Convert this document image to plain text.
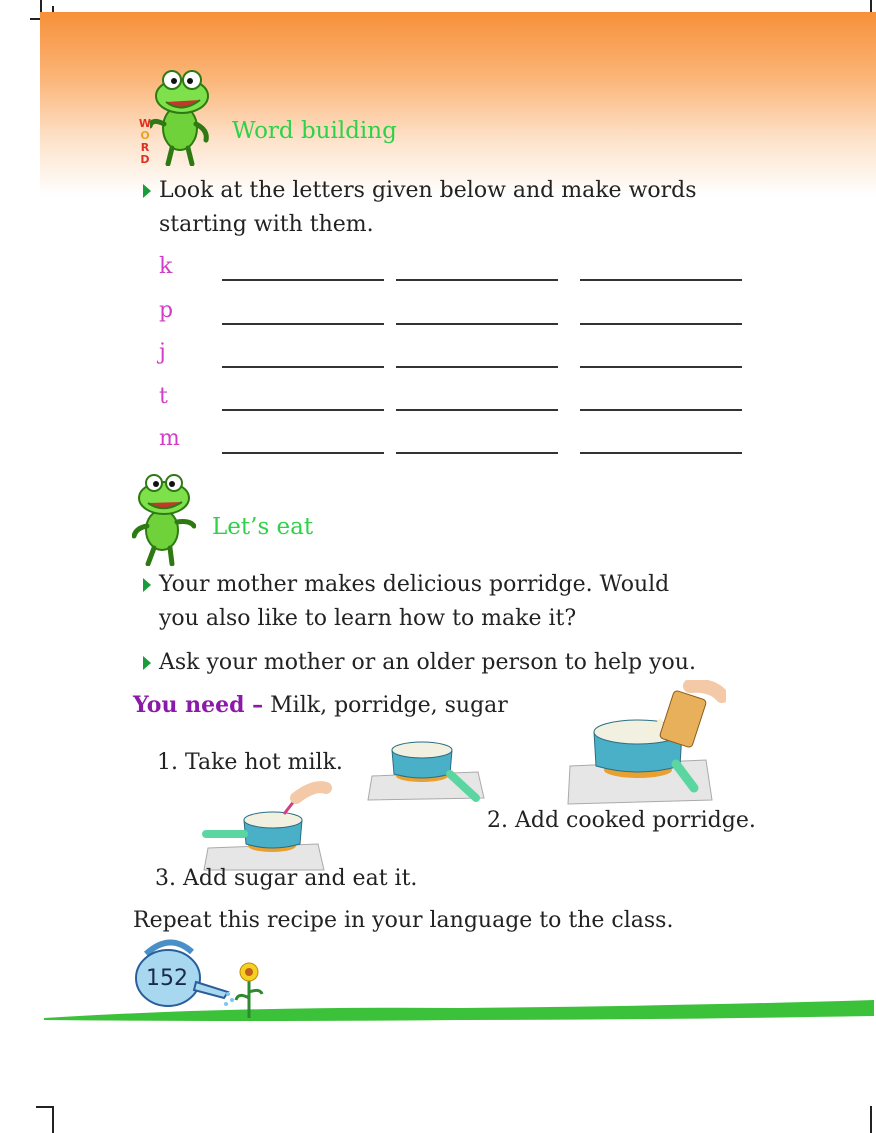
W
O
R
D
Word building
Look at the letters given below and make words
starting with them.
k
p
j
t
m
Let’s eat
Your mother makes delicious porridge. Would
you also like to learn how to make it?
Ask your mother or an older person to help you.
You need – Milk, porridge, sugar
1. Take hot milk.
2. Add cooked porridge.
3. Add sugar and eat it.
Repeat this recipe in your language to the class.
152
